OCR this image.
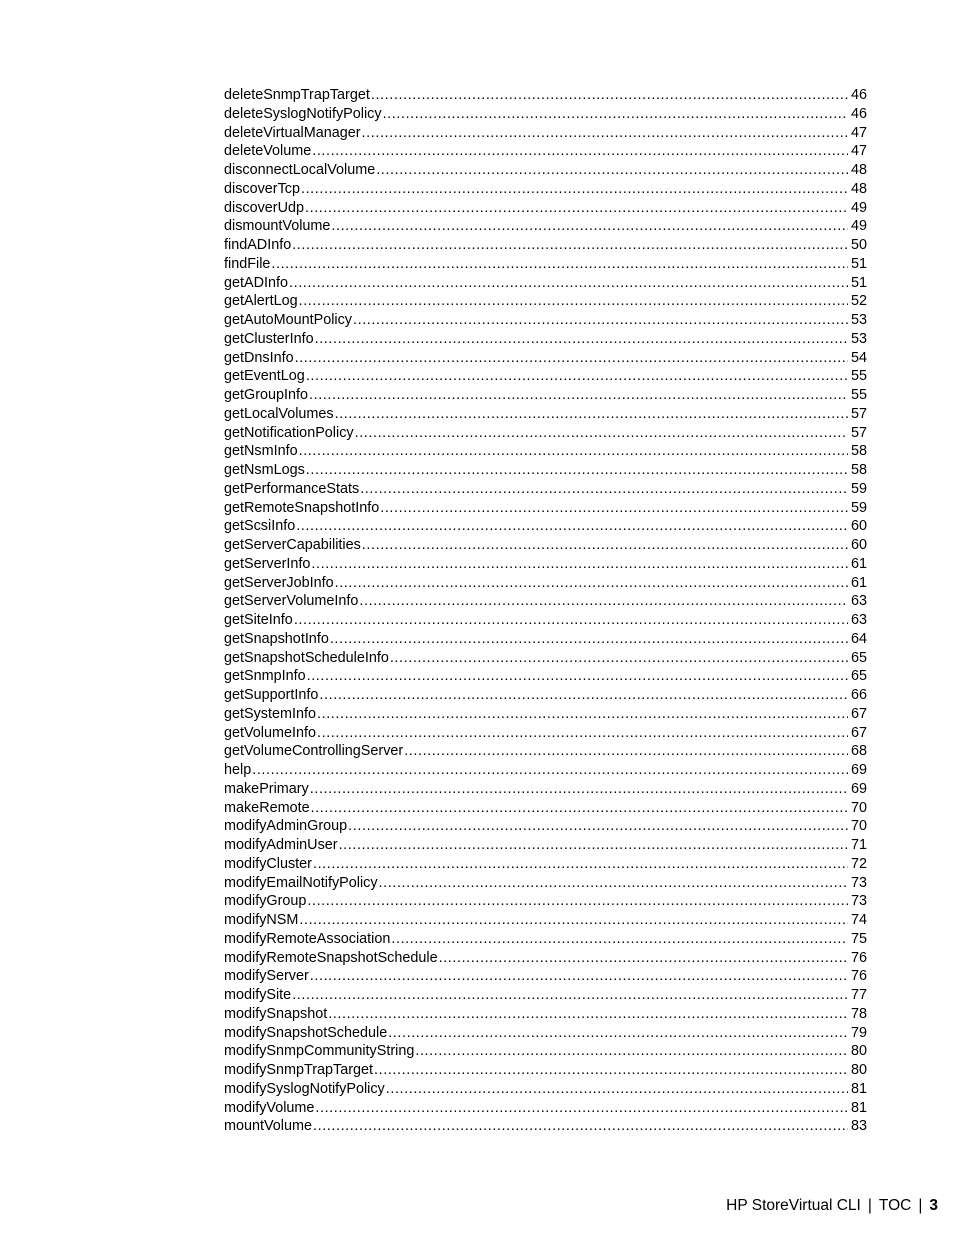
deleteSnmpTrapTarget .....	46
deleteSyslogNotifyPolicy .....	46
deleteVirtualManager .....	47
deleteVolume .....	47
disconnectLocalVolume .....	48
discoverTcp .....	48
discoverUdp .....	49
dismountVolume .....	49
findADInfo .....	50
findFile .....	51
getADInfo .....	51
getAlertLog .....	52
getAutoMountPolicy .....	53
getClusterInfo .....	53
getDnsInfo .....	54
getEventLog .....	55
getGroupInfo .....	55
getLocalVolumes .....	57
getNotificationPolicy .....	57
getNsmInfo .....	58
getNsmLogs .....	58
getPerformanceStats .....	59
getRemoteSnapshotInfo .....	59
getScsiInfo .....	60
getServerCapabilities .....	60
getServerInfo .....	61
getServerJobInfo .....	61
getServerVolumeInfo .....	63
getSiteInfo .....	63
getSnapshotInfo .....	64
getSnapshotScheduleInfo .....	65
getSnmpInfo .....	65
getSupportInfo .....	66
getSystemInfo .....	67
getVolumeInfo .....	67
getVolumeControllingServer .....	68
help .....	69
makePrimary .....	69
makeRemote .....	70
modifyAdminGroup .....	70
modifyAdminUser .....	71
modifyCluster .....	72
modifyEmailNotifyPolicy .....	73
modifyGroup .....	73
modifyNSM .....	74
modifyRemoteAssociation .....	75
modifyRemoteSnapshotSchedule .....	76
modifyServer .....	76
modifySite .....	77
modifySnapshot .....	78
modifySnapshotSchedule .....	79
modifySnmpCommunityString .....	80
modifySnmpTrapTarget .....	80
modifySyslogNotifyPolicy .....	81
modifyVolume .....	81
mountVolume .....	83
HP StoreVirtual CLI | TOC | 3
